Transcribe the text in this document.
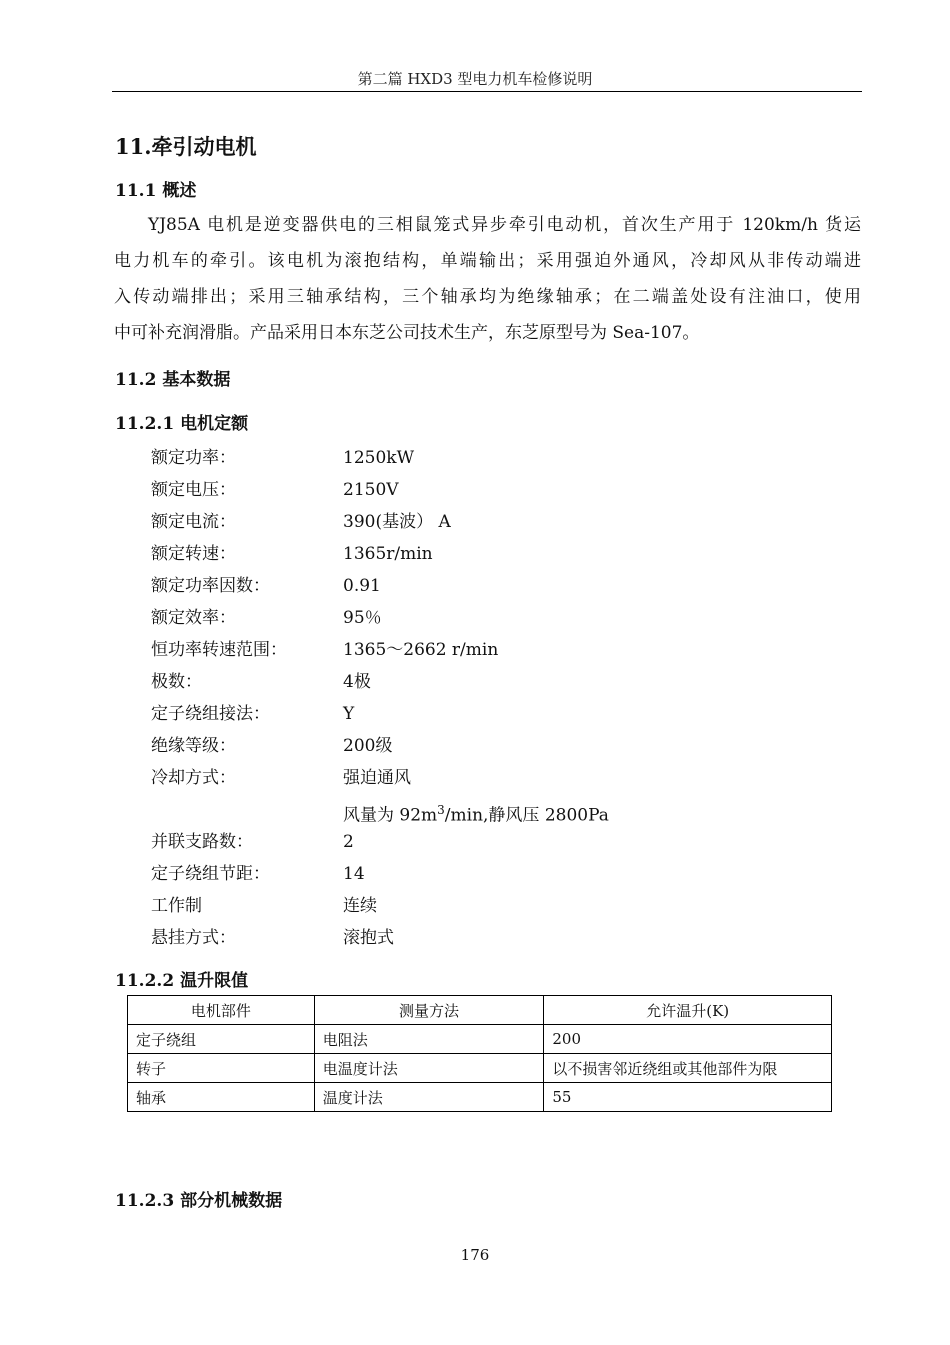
第二篇 HXD3 型电力机车检修说明
11.牵引动电机
11.1 概述
YJ85A 电机是逆变器供电的三相鼠笼式异步牵引电动机，首次生产用于 120km/h 货运
电力机车的牵引。该电机为滚抱结构，单端输出；采用强迫外通风，冷却风从非传动端进
入传动端排出；采用三轴承结构，三个轴承均为绝缘轴承；在二端盖处设有注油口，使用
中可补充润滑脂。产品采用日本东芝公司技术生产，东芝原型号为 Sea-107。
11.2 基本数据
11.2.1 电机定额
额定功率：	1250kW
额定电压：	2150V
额定电流：	390(基波） A
额定转速：	1365r/min
额定功率因数：	0.91
额定效率：	95％
恒功率转速范围：	1365～2662 r/min
极数：	4极
定子绕组接法：	Y
绝缘等级：	200级
冷却方式：	强迫通风
风量为 $92m^3/\min$,静风压 2800Pa
并联支路数：	2
定子绕组节距：	14
工作制	连续
悬挂方式：	滚抱式
11.2.2 温升限值
电机部件	测量方法	允许温升(K)
定子绕组	电阻法	200
转子	电温度计法	以不损害邻近绕组或其他部件为限
轴承	温度计法	55
11.2.3 部分机械数据
176
